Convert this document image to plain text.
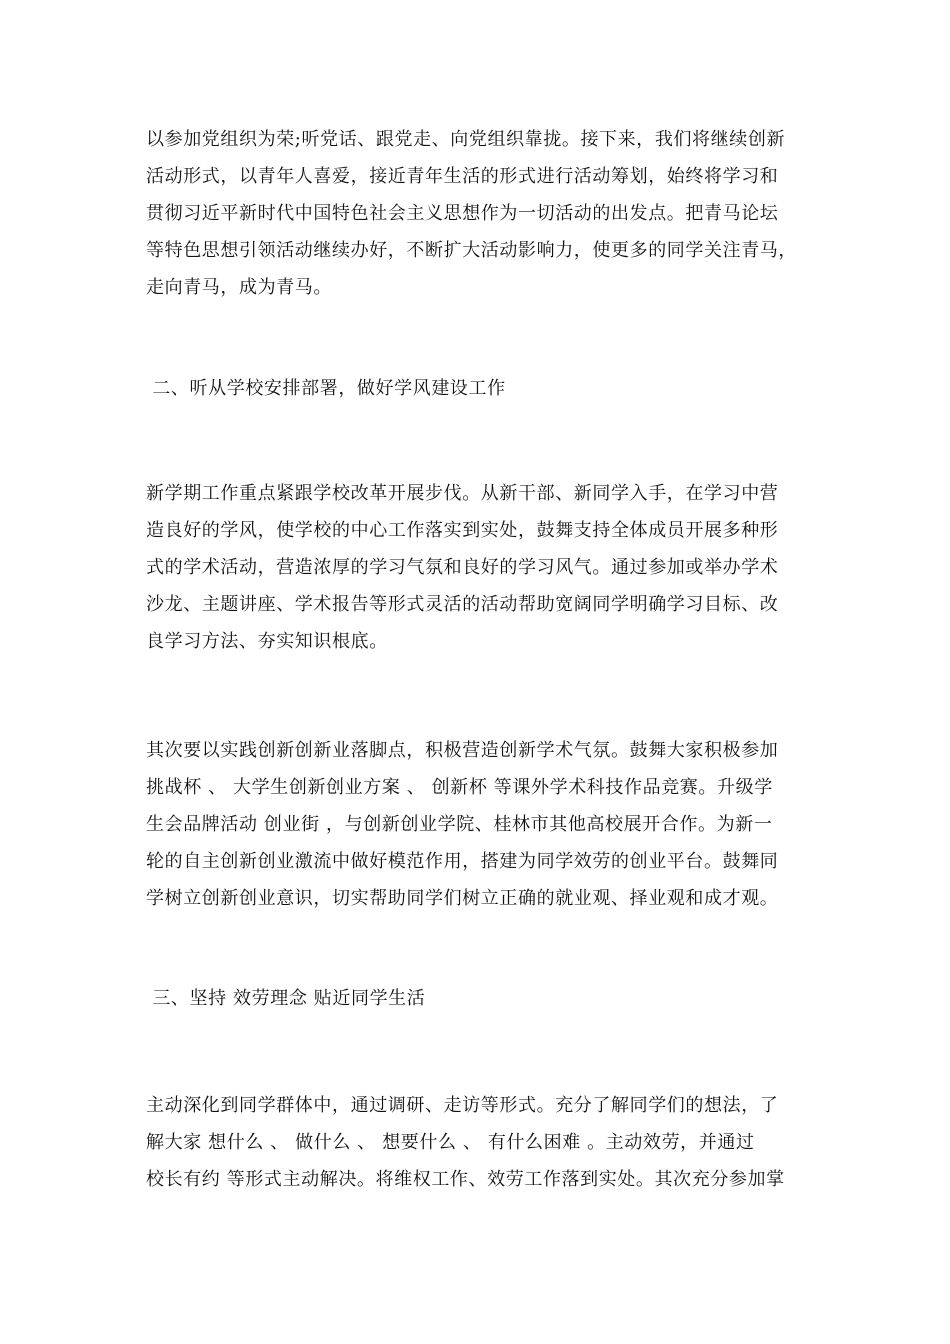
以参加党组织为荣;听党话、跟党走、向党组织靠拢。接下来，我们将继续创新
活动形式，以青年人喜爱，接近青年生活的形式进行活动筹划，始终将学习和
贯彻习近平新时代中国特色社会主义思想作为一切活动的出发点。把青马论坛
等特色思想引领活动继续办好，不断扩大活动影响力，使更多的同学关注青马，
走向青马，成为青马。
二、听从学校安排部署，做好学风建设工作
新学期工作重点紧跟学校改革开展步伐。从新干部、新同学入手，在学习中营
造良好的学风，使学校的中心工作落实到实处，鼓舞支持全体成员开展多种形
式的学术活动，营造浓厚的学习气氛和良好的学习风气。通过参加或举办学术
沙龙、主题讲座、学术报告等形式灵活的活动帮助宽阔同学明确学习目标、改
良学习方法、夯实知识根底。
其次要以实践创新创新业落脚点，积极营造创新学术气氛。鼓舞大家积极参加
挑战杯 、 大学生创新创业方案 、 创新杯 等课外学术科技作品竞赛。升级学
生会品牌活动 创业街 ，与创新创业学院、桂林市其他高校展开合作。为新一
轮的自主创新创业激流中做好模范作用，搭建为同学效劳的创业平台。鼓舞同
学树立创新创业意识，切实帮助同学们树立正确的就业观、择业观和成才观。
三、坚持 效劳理念 贴近同学生活
主动深化到同学群体中，通过调研、走访等形式。充分了解同学们的想法，了
解大家 想什么 、 做什么 、 想要什么 、 有什么困难 。主动效劳，并通过
校长有约 等形式主动解决。将维权工作、效劳工作落到实处。其次充分参加掌
